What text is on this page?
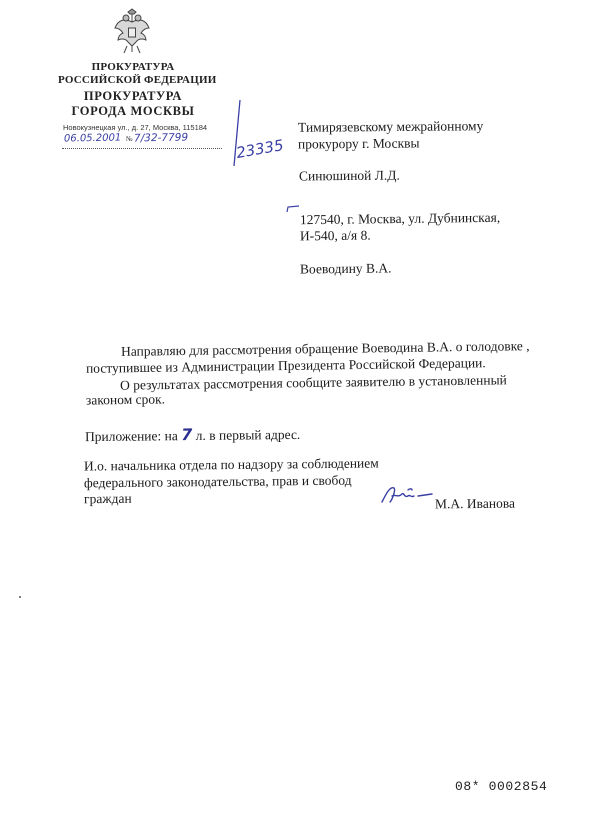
ПРОКУРАТУРА
РОССИЙСКОЙ ФЕДЕРАЦИИ
ПРОКУРАТУРА
ГОРОДА МОСКВЫ
Новокузнецкая ул., д. 27, Москва, 115184
06.05.2001 № 7/32-7799	23335
Тимирязевскому межрайонному
прокурору г. Москвы
Синюшиной Л.Д.
127540, г. Москва, ул. Дубнинская,
И-540, а/я 8.
Воеводину В.А.
Направляю для рассмотрения обращение Воеводина В.А. о голодовке ,
поступившее из Администрации Президента Российской Федерации.
О результатах рассмотрения сообщите заявителю в установленный
законом срок.
Приложение: на 7 л. в первый адрес.
И.о. начальника отдела по надзору за соблюдением
федерального законодательства, прав и свобод
граждан	М.А. Иванова
08* 0002854
